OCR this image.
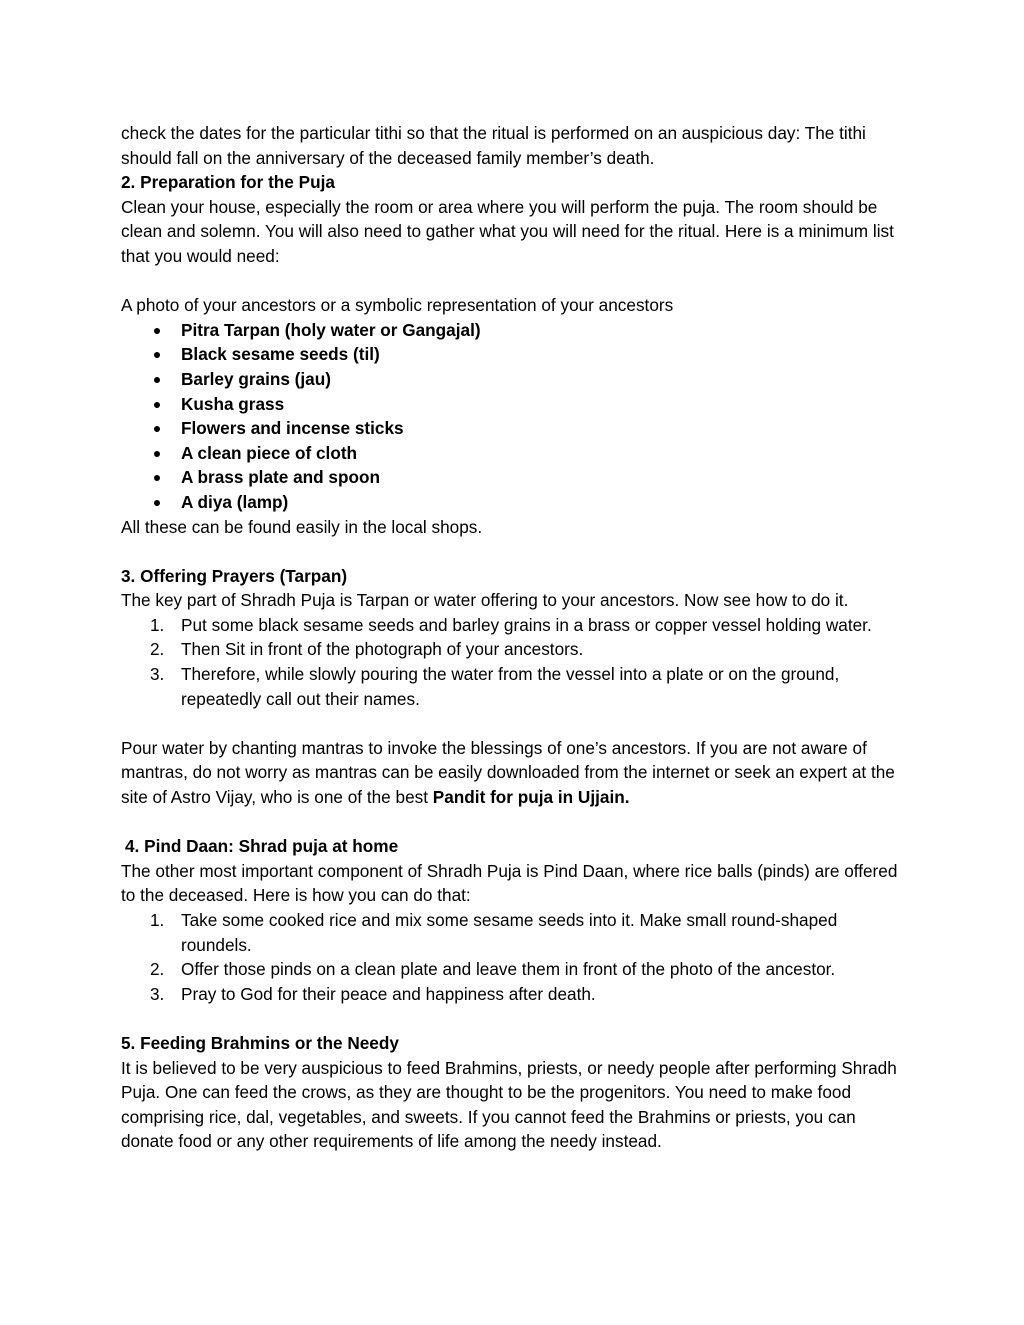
check the dates for the particular tithi so that the ritual is performed on an auspicious day: The tithi should fall on the anniversary of the deceased family member’s death.

2. Preparation for the Puja

Clean your house, especially the room or area where you will perform the puja. The room should be clean and solemn. You will also need to gather what you will need for the ritual. Here is a minimum list that you would need:

A photo of your ancestors or a symbolic representation of your ancestors

Pitra Tarpan (holy water or Gangajal)
Black sesame seeds (til)
Barley grains (jau)
Kusha grass
Flowers and incense sticks
A clean piece of cloth
A brass plate and spoon
A diya (lamp)

All these can be found easily in the local shops.

3. Offering Prayers (Tarpan)

The key part of Shradh Puja is Tarpan or water offering to your ancestors. Now see how to do it.

1. Put some black sesame seeds and barley grains in a brass or copper vessel holding water.
2. Then Sit in front of the photograph of your ancestors.
3. Therefore, while slowly pouring the water from the vessel into a plate or on the ground, repeatedly call out their names.

Pour water by chanting mantras to invoke the blessings of one’s ancestors. If you are not aware of mantras, do not worry as mantras can be easily downloaded from the internet or seek an expert at the site of Astro Vijay, who is one of the best Pandit for puja in Ujjain.

4. Pind Daan: Shrad puja at home

The other most important component of Shradh Puja is Pind Daan, where rice balls (pinds) are offered to the deceased. Here is how you can do that:

1. Take some cooked rice and mix some sesame seeds into it. Make small round-shaped roundels.
2. Offer those pinds on a clean plate and leave them in front of the photo of the ancestor.
3. Pray to God for their peace and happiness after death.

5. Feeding Brahmins or the Needy

It is believed to be very auspicious to feed Brahmins, priests, or needy people after performing Shradh Puja. One can feed the crows, as they are thought to be the progenitors. You need to make food comprising rice, dal, vegetables, and sweets. If you cannot feed the Brahmins or priests, you can donate food or any other requirements of life among the needy instead.
